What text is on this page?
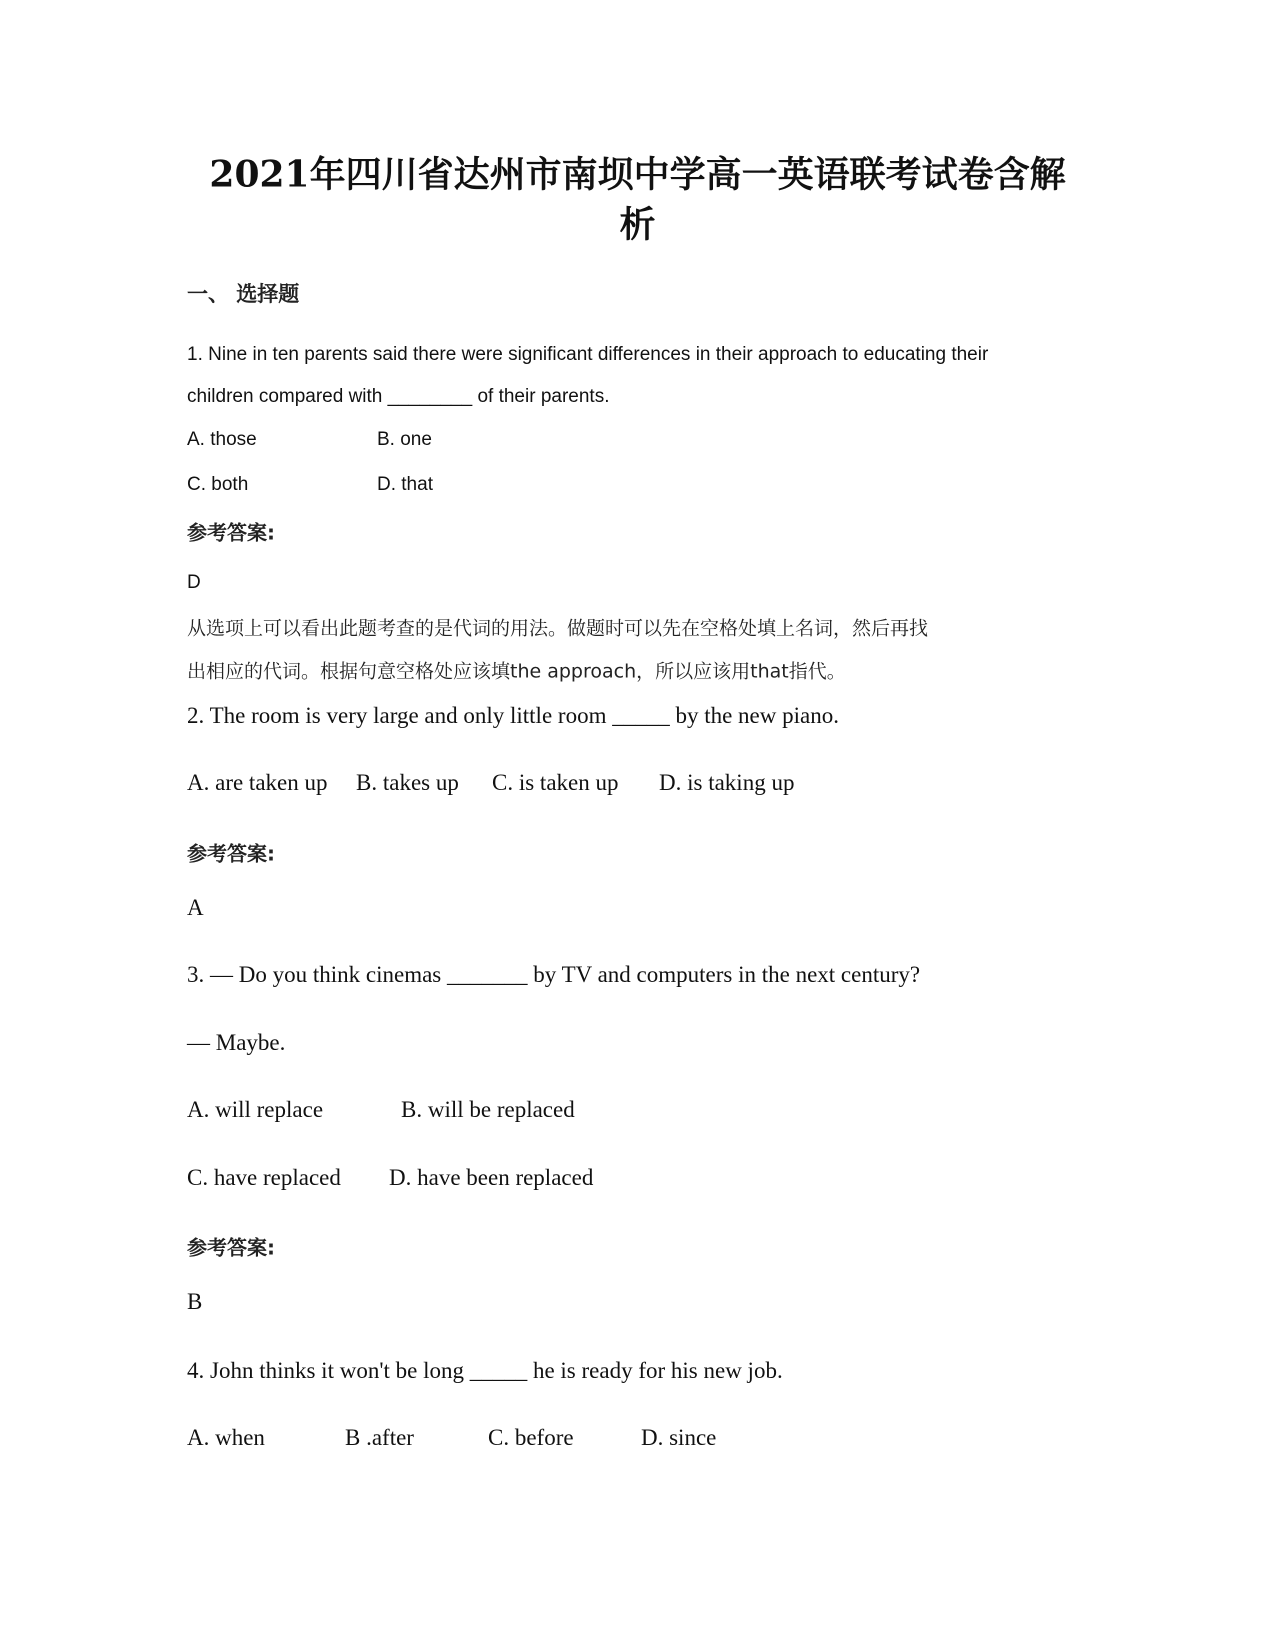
2021年四川省达州市南坝中学高一英语联考试卷含解
析
一、 选择题
1. Nine in ten parents said there were significant differences in their approach to educating their
children compared with ________ of their parents.
A. those	B. one
C. both	D. that
参考答案:
D
从选项上可以看出此题考查的是代词的用法。做题时可以先在空格处填上名词，然后再找
出相应的代词。根据句意空格处应该填the approach，所以应该用that指代。
2. The room is very large and only little room _____ by the new piano.
A. are taken up B. takes up C. is taken up D. is taking up
参考答案:
A
3. — Do you think cinemas _______ by TV and computers in the next century?
— Maybe.
A. will replace	B. will be replaced
C. have replaced D. have been replaced
参考答案:
B
4. John thinks it won't be long _____ he is ready for his new job.
A. when	B .after	C. before	D. since
